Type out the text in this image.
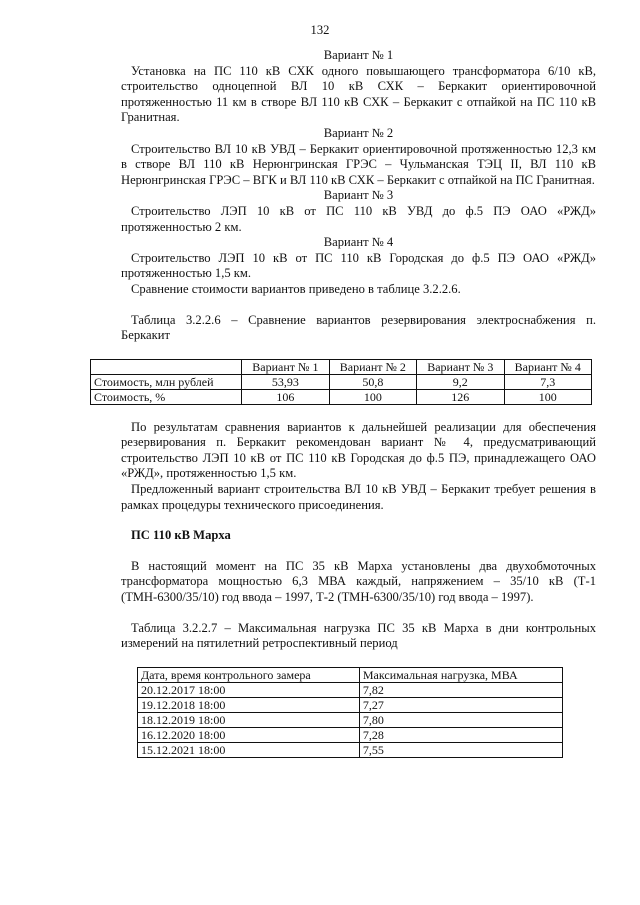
132

Вариант № 1

Установка на ПС 110 кВ СХК одного повышающего трансформатора 6/10 кВ, строительство одноцепной ВЛ 10 кВ СХК – Беркакит ориентировочной протяженностью 11 км в створе ВЛ 110 кВ СХК – Беркакит с отпайкой на ПС 110 кВ Гранитная.

Вариант № 2

Строительство ВЛ 10 кВ УВД – Беркакит ориентировочной протяженностью 12,3 км в створе ВЛ 110 кВ Нерюнгринская ГРЭС – Чульманская ТЭЦ II, ВЛ 110 кВ Нерюнгринская ГРЭС – ВГК и ВЛ 110 кВ СХК – Беркакит с отпайкой на ПС Гранитная.

Вариант № 3

Строительство ЛЭП 10 кВ от ПС 110 кВ УВД до ф.5 ПЭ ОАО «РЖД» протяженностью 2 км.

Вариант № 4

Строительство ЛЭП 10 кВ от ПС 110 кВ Городская до ф.5 ПЭ ОАО «РЖД» протяженностью 1,5 км.

Сравнение стоимости вариантов приведено в таблице 3.2.2.6.

Таблица 3.2.2.6 – Сравнение вариантов резервирования электроснабжения п. Беркакит

	Вариант № 1	Вариант № 2	Вариант № 3	Вариант № 4
Стоимость, млн рублей	53,93	50,8	9,2	7,3
Стоимость, %	106	100	126	100

По результатам сравнения вариантов к дальнейшей реализации для обеспечения резервирования п. Беркакит рекомендован вариант № 4, предусматривающий строительство ЛЭП 10 кВ от ПС 110 кВ Городская до ф.5 ПЭ, принадлежащего ОАО «РЖД», протяженностью 1,5 км.

Предложенный вариант строительства ВЛ 10 кВ УВД – Беркакит требует решения в рамках процедуры технического присоединения.

ПС 110 кВ Марха

В настоящий момент на ПС 35 кВ Марха установлены два двухобмоточных трансформатора мощностью 6,3 МВА каждый, напряжением – 35/10 кВ (Т-1 (ТМН-6300/35/10) год ввода – 1997, Т-2 (ТМН-6300/35/10) год ввода – 1997).

Таблица 3.2.2.7 – Максимальная нагрузка ПС 35 кВ Марха в дни контрольных измерений на пятилетний ретроспективный период

Дата, время контрольного замера	Максимальная нагрузка, МВА
20.12.2017 18:00	7,82
19.12.2018 18:00	7,27
18.12.2019 18:00	7,80
16.12.2020 18:00	7,28
15.12.2021 18:00	7,55
